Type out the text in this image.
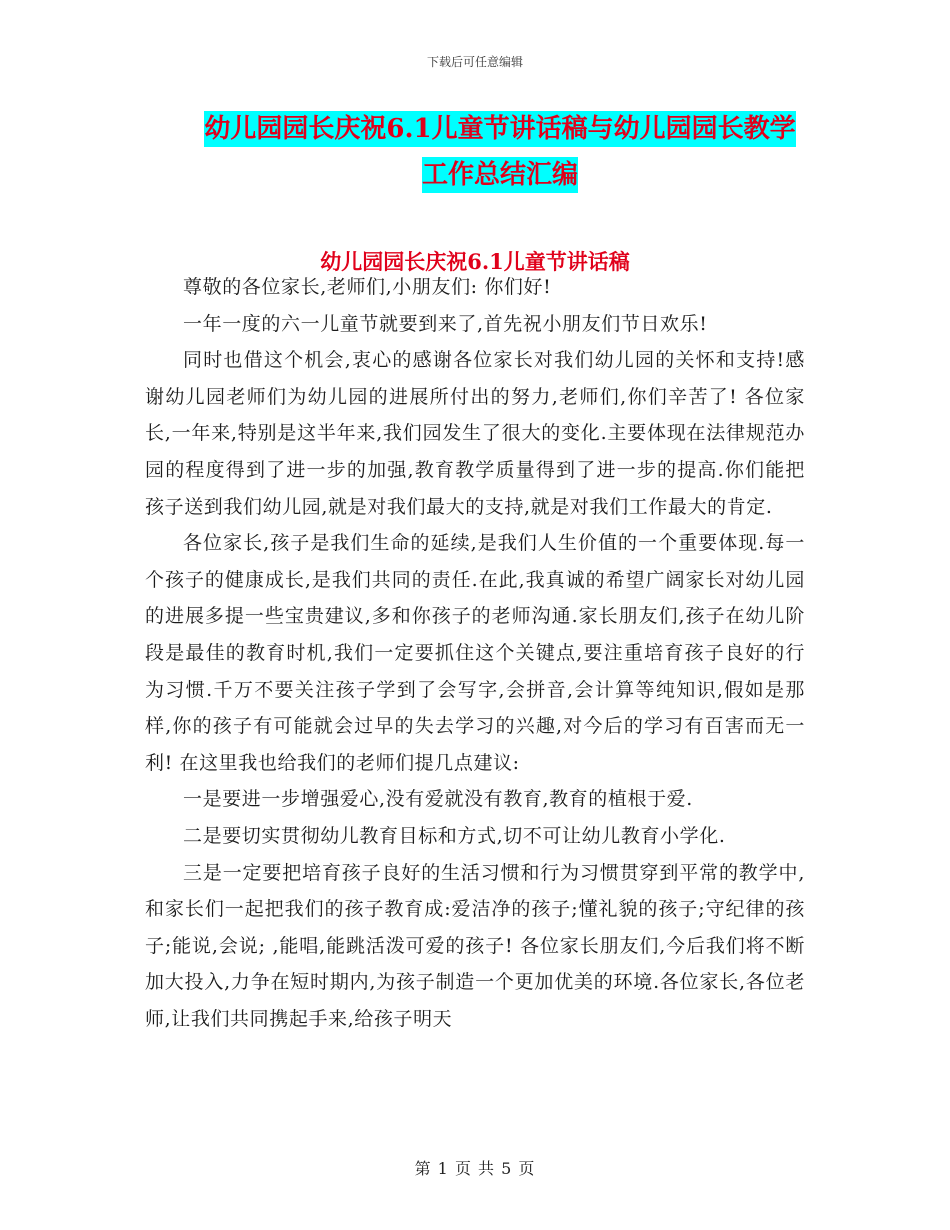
下载后可任意编辑
幼儿园园长庆祝6.1儿童节讲话稿与幼儿园园长教学
工作总结汇编
幼儿园园长庆祝6.1儿童节讲话稿

尊敬的各位家长,老师们,小朋友们: 你们好!

一年一度的六一儿童节就要到来了,首先祝小朋友们节日欢乐!

同时也借这个机会,衷心的感谢各位家长对我们幼儿园的关怀和支持!感谢幼儿园老师们为幼儿园的进展所付出的努力,老师们,你们辛苦了! 各位家长,一年来,特别是这半年来,我们园发生了很大的变化.主要体现在法律规范办园的程度得到了进一步的加强,教育教学质量得到了进一步的提高.你们能把孩子送到我们幼儿园,就是对我们最大的支持,就是对我们工作最大的肯定.

各位家长,孩子是我们生命的延续,是我们人生价值的一个重要体现.每一个孩子的健康成长,是我们共同的责任.在此,我真诚的希望广阔家长对幼儿园的进展多提一些宝贵建议,多和你孩子的老师沟通.家长朋友们,孩子在幼儿阶段是最佳的教育时机,我们一定要抓住这个关键点,要注重培育孩子良好的行为习惯.千万不要关注孩子学到了会写字,会拼音,会计算等纯知识,假如是那样,你的孩子有可能就会过早的失去学习的兴趣,对今后的学习有百害而无一利! 在这里我也给我们的老师们提几点建议:

一是要进一步增强爱心,没有爱就没有教育,教育的植根于爱.

二是要切实贯彻幼儿教育目标和方式,切不可让幼儿教育小学化.

三是一定要把培育孩子良好的生活习惯和行为习惯贯穿到平常的教学中,和家长们一起把我们的孩子教育成:爱洁净的孩子;懂礼貌的孩子;守纪律的孩子;能说,会说; ,能唱,能跳活泼可爱的孩子! 各位家长朋友们,今后我们将不断加大投入,力争在短时期内,为孩子制造一个更加优美的环境.各位家长,各位老师,让我们共同携起手来,给孩子明天

第 1 页 共 5 页
